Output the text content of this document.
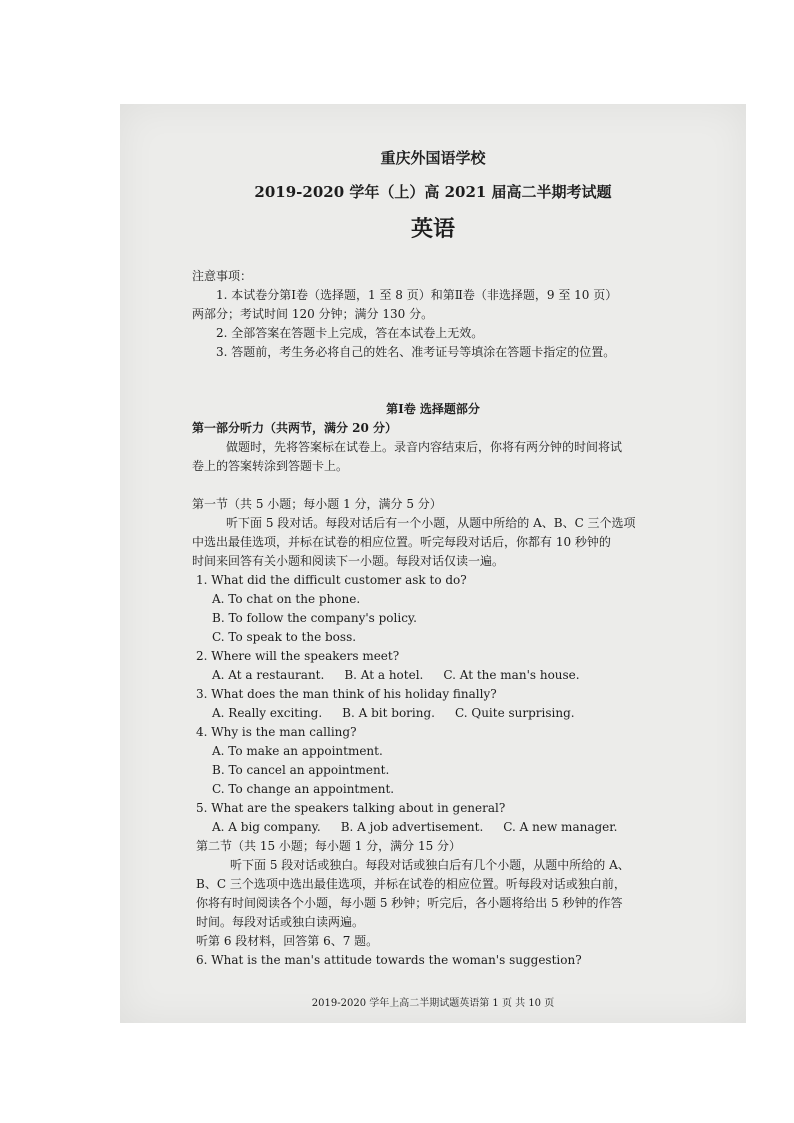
重庆外国语学校
2019-2020 学年（上）高 2021 届高二半期考试题
英语
注意事项：
1. 本试卷分第Ⅰ卷（选择题，1 至 8 页）和第Ⅱ卷（非选择题，9 至 10 页）
两部分；考试时间 120 分钟；满分 130 分。
2. 全部答案在答题卡上完成，答在本试卷上无效。
3. 答题前，考生务必将自己的姓名、准考证号等填涂在答题卡指定的位置。
第Ⅰ卷 选择题部分
第一部分听力（共两节，满分 20 分）
做题时，先将答案标在试卷上。录音内容结束后，你将有两分钟的时间将试
卷上的答案转涂到答题卡上。
第一节（共 5 小题；每小题 1 分，满分 5 分）
听下面 5 段对话。每段对话后有一个小题，从题中所给的 A、B、C 三个选项
中选出最佳选项，并标在试卷的相应位置。听完每段对话后，你都有 10 秒钟的
时间来回答有关小题和阅读下一小题。每段对话仅读一遍。
1. What did the difficult customer ask to do?
A. To chat on the phone.
B. To follow the company's policy.
C. To speak to the boss.
2. Where will the speakers meet?
A. At a restaurant. B. At a hotel. C. At the man's house.
3. What does the man think of his holiday finally?
A. Really exciting. B. A bit boring. C. Quite surprising.
4. Why is the man calling?
A. To make an appointment.
B. To cancel an appointment.
C. To change an appointment.
5. What are the speakers talking about in general?
A. A big company. B. A job advertisement. C. A new manager.
第二节（共 15 小题；每小题 1 分，满分 15 分）
听下面 5 段对话或独白。每段对话或独白后有几个小题，从题中所给的 A、
B、C 三个选项中选出最佳选项，并标在试卷的相应位置。听每段对话或独白前，
你将有时间阅读各个小题，每小题 5 秒钟；听完后，各小题将给出 5 秒钟的作答
时间。每段对话或独白读两遍。
听第 6 段材料，回答第 6、7 题。
6. What is the man's attitude towards the woman's suggestion?
2019-2020 学年上高二半期试题英语第 1 页 共 10 页
